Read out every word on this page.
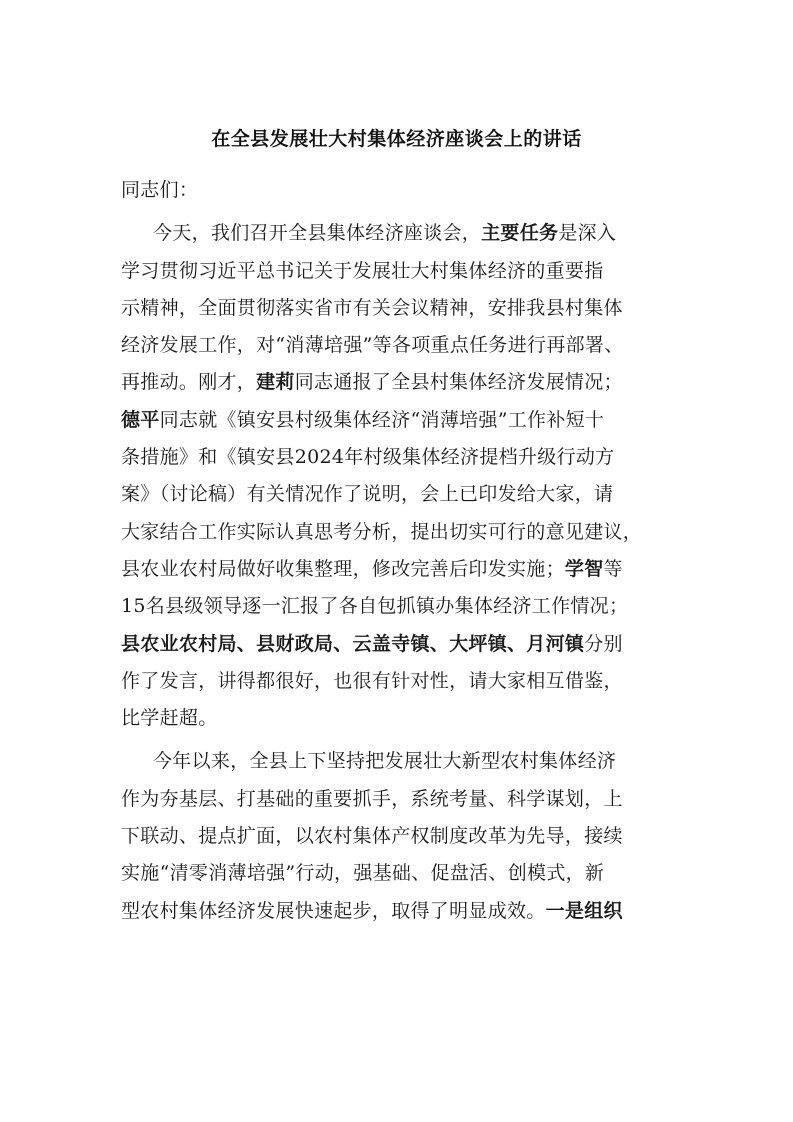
在全县发展壮大村集体经济座谈会上的讲话
同志们：
今天，我们召开全县集体经济座谈会，主要任务是深入
学习贯彻习近平总书记关于发展壮大村集体经济的重要指
示精神，全面贯彻落实省市有关会议精神，安排我县村集体
经济发展工作，对“消薄培强”等各项重点任务进行再部署、
再推动。刚才，建莉同志通报了全县村集体经济发展情况；
德平同志就《镇安县村级集体经济“消薄培强”工作补短十
条措施》和《镇安县2024年村级集体经济提档升级行动方
案》（讨论稿）有关情况作了说明，会上已印发给大家，请
大家结合工作实际认真思考分析，提出切实可行的意见建议，
县农业农村局做好收集整理，修改完善后印发实施；学智等
15名县级领导逐一汇报了各自包抓镇办集体经济工作情况；
县农业农村局、县财政局、云盖寺镇、大坪镇、月河镇分别
作了发言，讲得都很好，也很有针对性，请大家相互借鉴，
比学赶超。
今年以来，全县上下坚持把发展壮大新型农村集体经济
作为夯基层、打基础的重要抓手，系统考量、科学谋划，上
下联动、提点扩面，以农村集体产权制度改革为先导，接续
实施“清零消薄培强”行动，强基础、促盘活、创模式，新
型农村集体经济发展快速起步，取得了明显成效。一是组织
